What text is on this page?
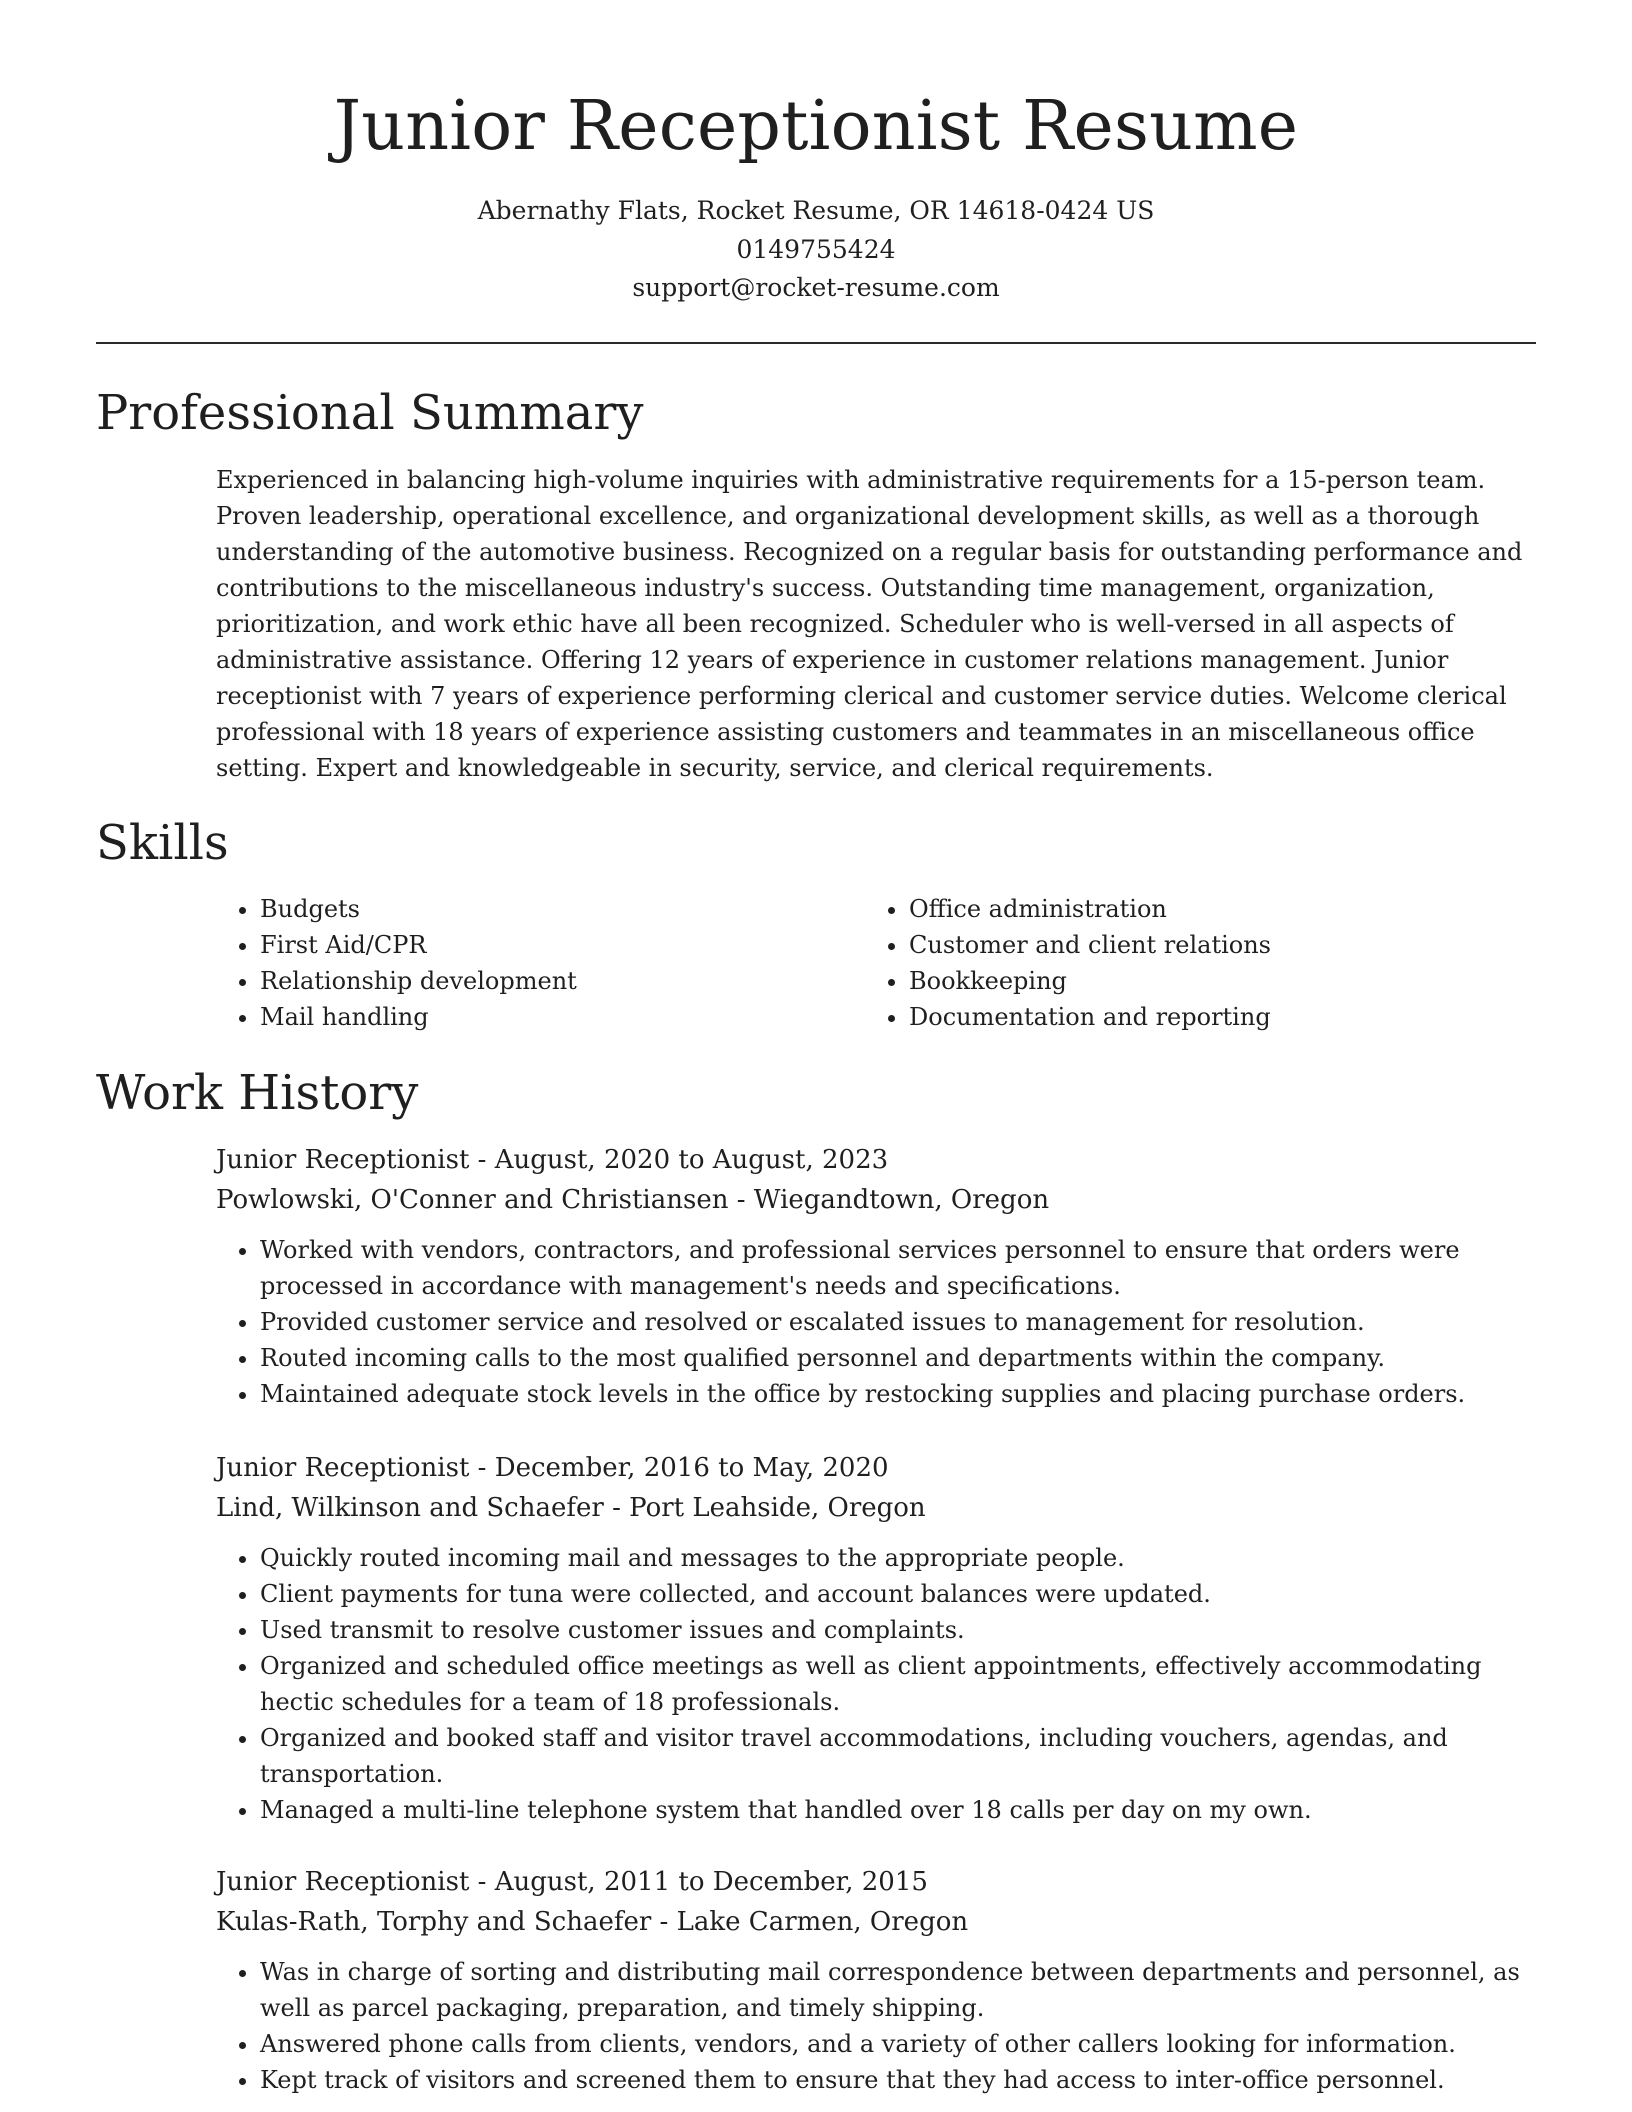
Junior Receptionist Resume
Abernathy Flats, Rocket Resume, OR 14618-0424 US
0149755424
support@rocket-resume.com
Professional Summary

Experienced in balancing high-volume inquiries with administrative requirements for a 15-person team. Proven leadership, operational excellence, and organizational development skills, as well as a thorough understanding of the automotive business. Recognized on a regular basis for outstanding performance and contributions to the miscellaneous industry's success. Outstanding time management, organization, prioritization, and work ethic have all been recognized. Scheduler who is well-versed in all aspects of administrative assistance. Offering 12 years of experience in customer relations management. Junior receptionist with 7 years of experience performing clerical and customer service duties. Welcome clerical professional with 18 years of experience assisting customers and teammates in an miscellaneous office setting. Expert and knowledgeable in security, service, and clerical requirements.

Skills
• Budgets
• First Aid/CPR
• Relationship development
• Mail handling
• Office administration
• Customer and client relations
• Bookkeeping
• Documentation and reporting
Work History
Junior Receptionist - August, 2020 to August, 2023
Powlowski, O'Conner and Christiansen - Wiegandtown, Oregon
• Worked with vendors, contractors, and professional services personnel to ensure that orders were processed in accordance with management's needs and specifications.
• Provided customer service and resolved or escalated issues to management for resolution.
• Routed incoming calls to the most qualified personnel and departments within the company.
• Maintained adequate stock levels in the office by restocking supplies and placing purchase orders.
Junior Receptionist - December, 2016 to May, 2020
Lind, Wilkinson and Schaefer - Port Leahside, Oregon
• Quickly routed incoming mail and messages to the appropriate people.
• Client payments for tuna were collected, and account balances were updated.
• Used transmit to resolve customer issues and complaints.
• Organized and scheduled office meetings as well as client appointments, effectively accommodating hectic schedules for a team of 18 professionals.
• Organized and booked staff and visitor travel accommodations, including vouchers, agendas, and transportation.
• Managed a multi-line telephone system that handled over 18 calls per day on my own.
Junior Receptionist - August, 2011 to December, 2015
Kulas-Rath, Torphy and Schaefer - Lake Carmen, Oregon
• Was in charge of sorting and distributing mail correspondence between departments and personnel, as well as parcel packaging, preparation, and timely shipping.
• Answered phone calls from clients, vendors, and a variety of other callers looking for information.
• Kept track of visitors and screened them to ensure that they had access to inter-office personnel.
